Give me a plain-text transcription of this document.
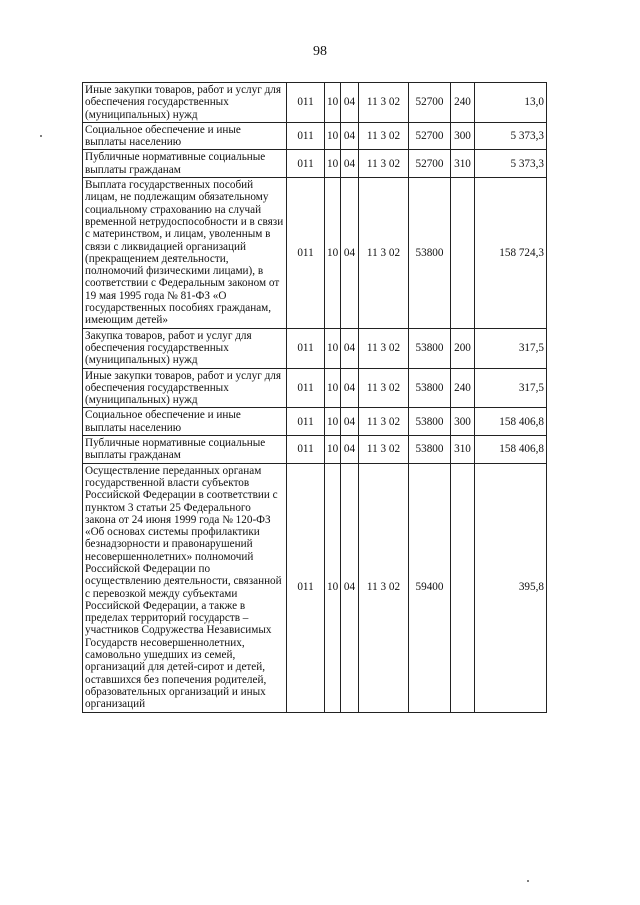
98
Иные закупки товаров, работ и услуг для обеспечения государственных (муниципальных) нужд	011	10	04	11 3 02	52700	240	13,0
Социальное обеспечение и иные выплаты населению	011	10	04	11 3 02	52700	300	5 373,3
Публичные нормативные социальные выплаты гражданам	011	10	04	11 3 02	52700	310	5 373,3
Выплата государственных пособий лицам, не подлежащим обязательному социальному страхованию на случай временной нетрудоспособности и в связи с материнством, и лицам, уволенным в связи с ликвидацией организаций (прекращением деятельности, полномочий физическими лицами), в соответствии с Федеральным законом от 19 мая 1995 года № 81-ФЗ «О государственных пособиях гражданам, имеющим детей»	011	10	04	11 3 02	53800		158 724,3
Закупка товаров, работ и услуг для обеспечения государственных (муниципальных) нужд	011	10	04	11 3 02	53800	200	317,5
Иные закупки товаров, работ и услуг для обеспечения государственных (муниципальных) нужд	011	10	04	11 3 02	53800	240	317,5
Социальное обеспечение и иные выплаты населению	011	10	04	11 3 02	53800	300	158 406,8
Публичные нормативные социальные выплаты гражданам	011	10	04	11 3 02	53800	310	158 406,8
Осуществление переданных органам государственной власти субъектов Российской Федерации в соответствии с пунктом 3 статьи 25 Федерального закона от 24 июня 1999 года № 120-ФЗ «Об основах системы профилактики безнадзорности и правонарушений несовершеннолетних» полномочий Российской Федерации по осуществлению деятельности, связанной с перевозкой между субъектами Российской Федерации, а также в пределах территорий государств – участников Содружества Независимых Государств несовершеннолетних, самовольно ушедших из семей, организаций для детей-сирот и детей, оставшихся без попечения родителей, образовательных организаций и иных организаций	011	10	04	11 3 02	59400		395,8
